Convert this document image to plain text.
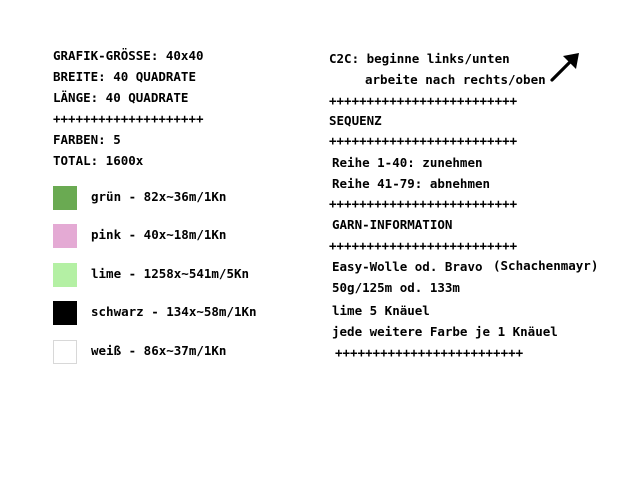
GRAFIK-GRÖSSE: 40x40
BREITE: 40 QUADRATE
LÄNGE: 40 QUADRATE
++++++++++++++++++++
FARBEN: 5
TOTAL: 1600x
grün - 82x~36m/1Kn
pink - 40x~18m/1Kn
lime - 1258x~541m/5Kn
schwarz - 134x~58m/1Kn
weiß - 86x~37m/1Kn
C2C: beginne links/unten
arbeite nach rechts/oben
+++++++++++++++++++++++++
SEQUENZ
+++++++++++++++++++++++++
Reihe 1-40: zunehmen
Reihe 41-79: abnehmen
+++++++++++++++++++++++++
GARN-INFORMATION
+++++++++++++++++++++++++
Easy-Wolle od. Bravo (Schachenmayr)
50g/125m od. 133m
lime 5 Knäuel
jede weitere Farbe je 1 Knäuel
+++++++++++++++++++++++++
